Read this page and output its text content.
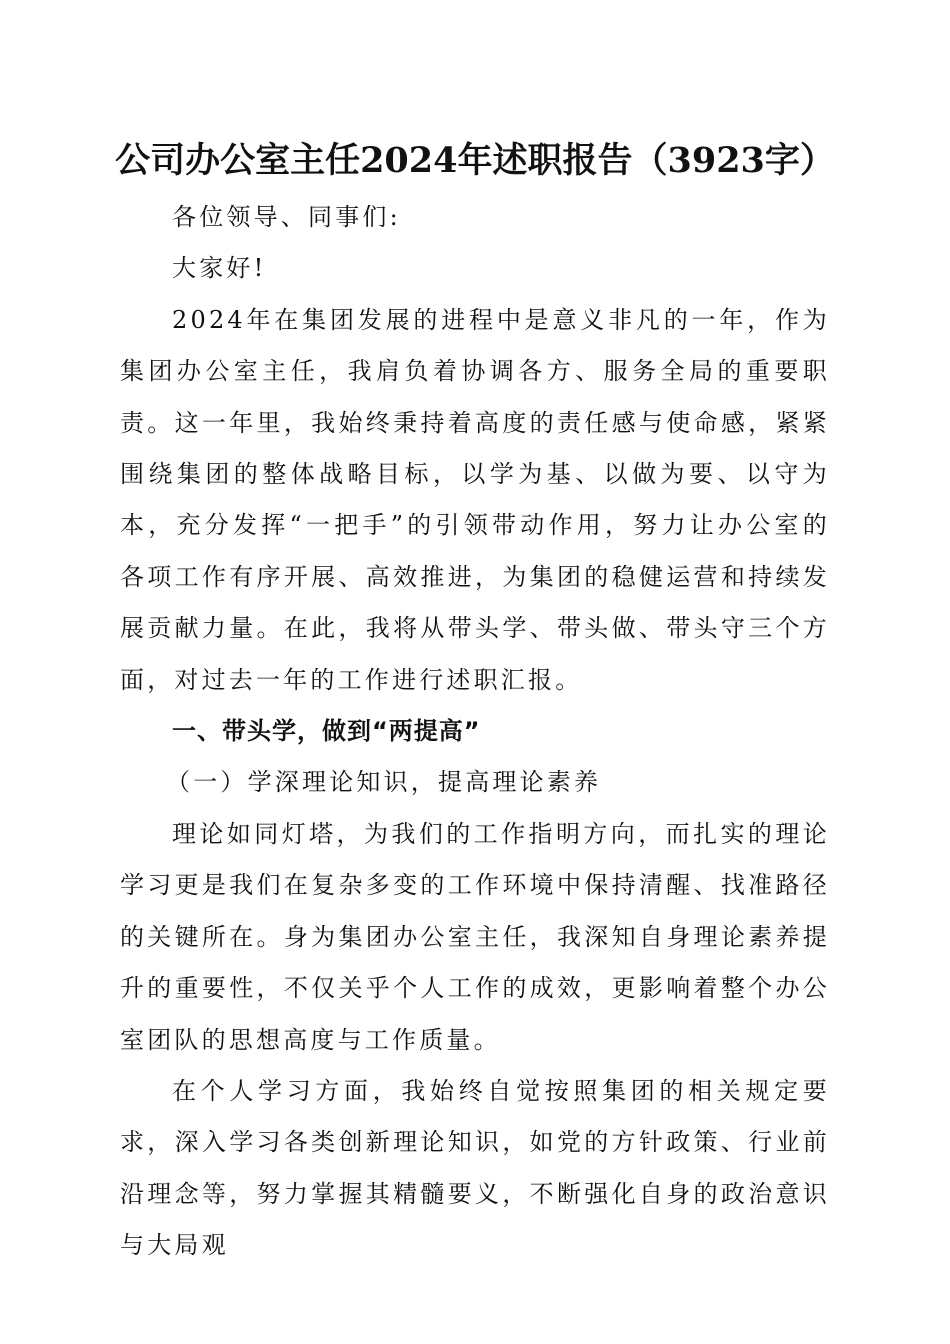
公司办公室主任2024年述职报告（3923字）

各位领导、同事们:

大家好!

2024年在集团发展的进程中是意义非凡的一年，作为集团办公室主任，我肩负着协调各方、服务全局的重要职责。这一年里，我始终秉持着高度的责任感与使命感，紧紧围绕集团的整体战略目标，以学为基、以做为要、以守为本，充分发挥“一把手”的引领带动作用，努力让办公室的各项工作有序开展、高效推进，为集团的稳健运营和持续发展贡献力量。在此，我将从带头学、带头做、带头守三个方面，对过去一年的工作进行述职汇报。

一、带头学，做到“两提高”

（一）学深理论知识，提高理论素养

理论如同灯塔，为我们的工作指明方向，而扎实的理论学习更是我们在复杂多变的工作环境中保持清醒、找准路径的关键所在。身为集团办公室主任，我深知自身理论素养提升的重要性，不仅关乎个人工作的成效，更影响着整个办公室团队的思想高度与工作质量。

在个人学习方面，我始终自觉按照集团的相关规定要求，深入学习各类创新理论知识，如党的方针政策、行业前沿理念等，努力掌握其精髓要义，不断强化自身的政治意识与大局观
